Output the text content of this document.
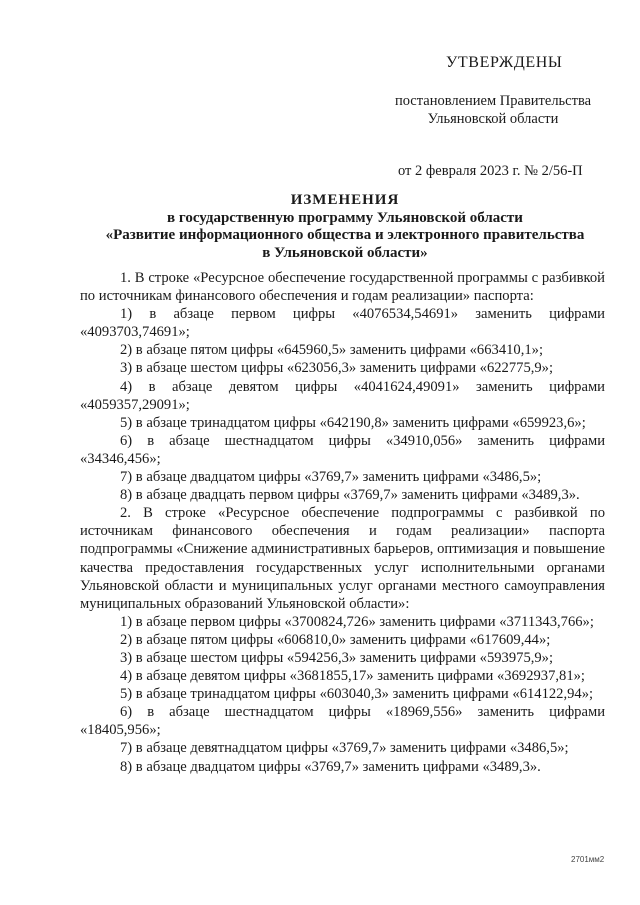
УТВЕРЖДЕНЫ
постановлением Правительства
Ульяновской области
от 2 февраля 2023 г. № 2/56-П
ИЗМЕНЕНИЯ
в государственную программу Ульяновской области
«Развитие информационного общества и электронного правительства
в Ульяновской области»

1. В строке «Ресурсное обеспечение государственной программы с разбивкой по источникам финансового обеспечения и годам реализации» паспорта:

1) в абзаце первом цифры «4076534,54691» заменить цифрами «4093703,74691»;

2) в абзаце пятом цифры «645960,5» заменить цифрами «663410,1»;

3) в абзаце шестом цифры «623056,3» заменить цифрами «622775,9»;

4) в абзаце девятом цифры «4041624,49091» заменить цифрами «4059357,29091»;

5) в абзаце тринадцатом цифры «642190,8» заменить цифрами «659923,6»;

6) в абзаце шестнадцатом цифры «34910,056» заменить цифрами «34346,456»;

7) в абзаце двадцатом цифры «3769,7» заменить цифрами «3486,5»;

8) в абзаце двадцать первом цифры «3769,7» заменить цифрами «3489,3».

2. В строке «Ресурсное обеспечение подпрограммы с разбивкой по источникам финансового обеспечения и годам реализации» паспорта подпрограммы «Снижение административных барьеров, оптимизация и повышение качества предоставления государственных услуг исполнительными органами Ульяновской области и муниципальных услуг органами местного самоуправления муниципальных образований Ульяновской области»:

1) в абзаце первом цифры «3700824,726» заменить цифрами «3711343,766»;

2) в абзаце пятом цифры «606810,0» заменить цифрами «617609,44»;

3) в абзаце шестом цифры «594256,3» заменить цифрами «593975,9»;

4) в абзаце девятом цифры «3681855,17» заменить цифрами «3692937,81»;

5) в абзаце тринадцатом цифры «603040,3» заменить цифрами «614122,94»;

6) в абзаце шестнадцатом цифры «18969,556» заменить цифрами «18405,956»;

7) в абзаце девятнадцатом цифры «3769,7» заменить цифрами «3486,5»;

8) в абзаце двадцатом цифры «3769,7» заменить цифрами «3489,3».

2701мм2
